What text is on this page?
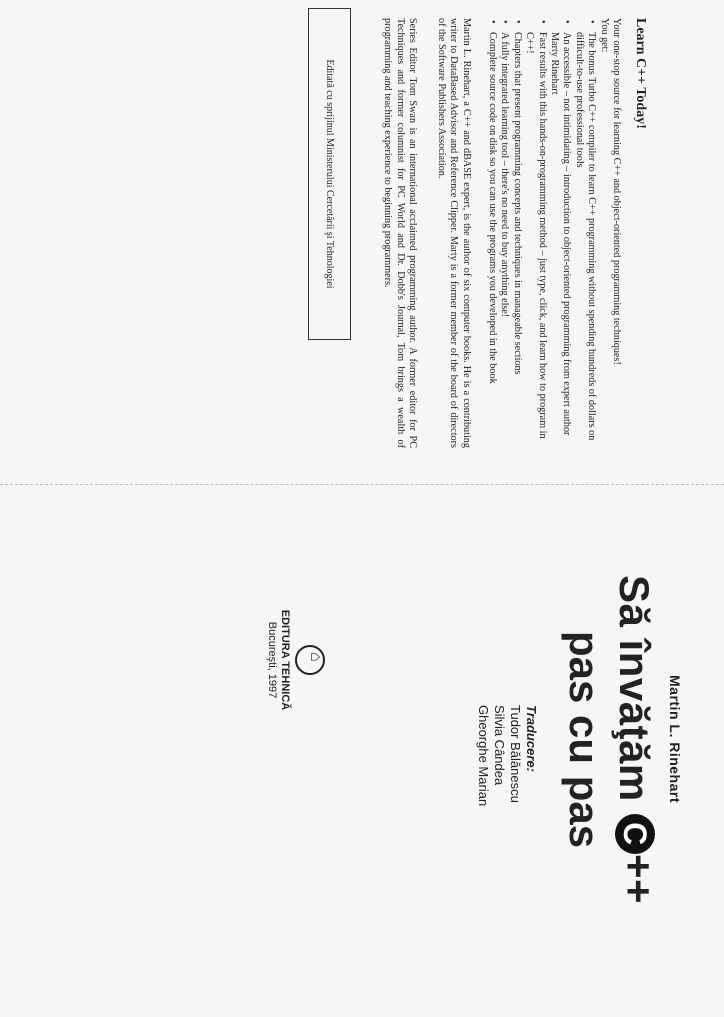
Learn C++ Today!

Your one-stop source for learning C++ and object-oriented programming techniques!

You get:

• The bonus Turbo C++ compiler to learn C++ programming without spending hundreds of dollars on difficult-to-use professional tools
• An accessible – not intimidating – introduction to object-oriented programming from expert author Marty Rinehart
• Fast results with this hands-on-programming method – just type, click, and learn how to program in C++!
• Chapters that present programming concepts and techniques in manageable sections
• A fully integrated learning tool – there's no need to buy anything else!
• Complete source code on disk so you can use the programs you developed in the book

Martin L. Rinehart, a C++ and dBASE expert, is the author of six computer books. He is a contributing writer to DataBased Advisor and Reference Clipper. Marty is a former member of the board of directors of the Software Publishers Association.

Series Editor Tom Swan is an international acclaimed programming author. A former editor for PC Techniques and former columnist for PC World and Dr. Dobb's Journal, Tom brings a wealth of programming and teaching experience to beginning programmers.

Editată cu sprijinul Ministerului Cercetării şi Tehnologiei
Martin L. Rinehart
Să învăţăm C++
pas cu pas
Traducere:
Tudor Bălănescu
Silvia Cândea
Gheorghe Marian
⌂
EDITURA TEHNICĂ
Bucureşti, 1997
